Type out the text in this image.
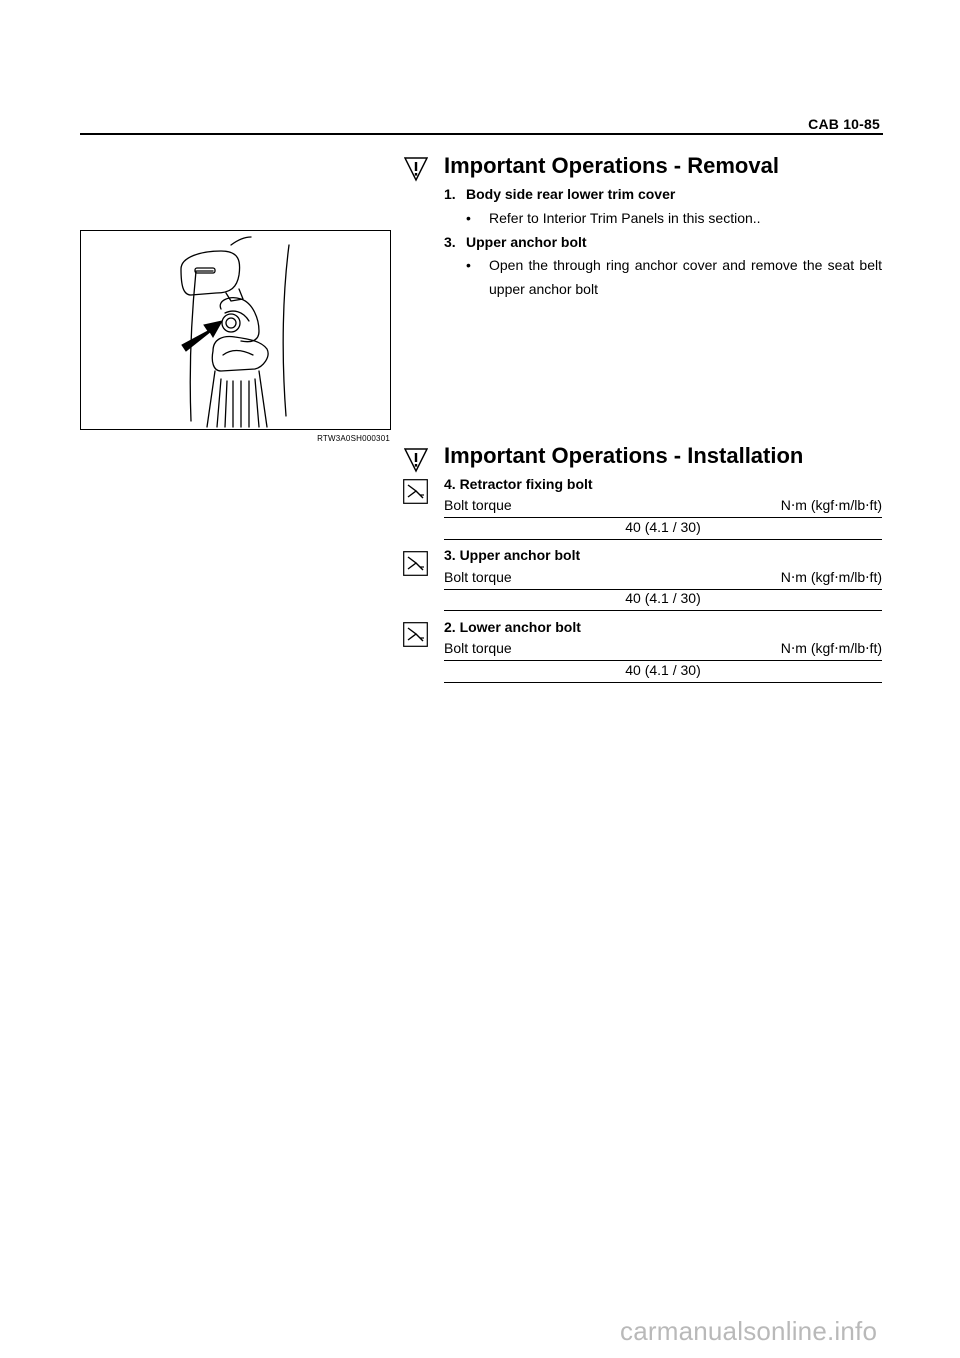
CAB 10-85
RTW3A0SH000301
Important Operations - Removal
1. Body side rear lower trim cover
• Refer to Interior Trim Panels in this section..
3. Upper anchor bolt
• Open the through ring anchor cover and remove the seat belt upper anchor bolt
Important Operations - Installation
4. Retractor fixing bolt
Bolt torque	N⋅m (kgf⋅m/lb⋅ft)
40 (4.1 / 30)
3. Upper anchor bolt
Bolt torque	N⋅m (kgf⋅m/lb⋅ft)
40 (4.1 / 30)
2. Lower anchor bolt
Bolt torque	N⋅m (kgf⋅m/lb⋅ft)
40 (4.1 / 30)
carmanualsonline.info
